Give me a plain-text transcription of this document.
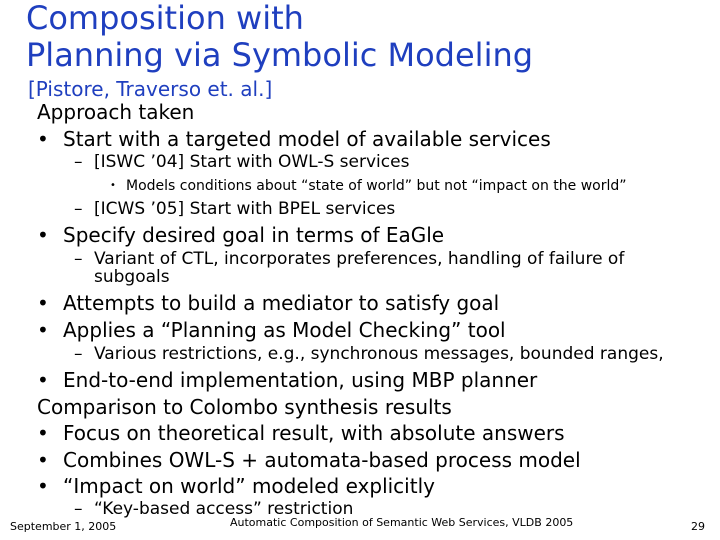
Composition with
Planning via Symbolic Modeling
[Pistore, Traverso et. al.]
Approach taken
• Start with a targeted model of available services
– [ISWC ’04] Start with OWL-S services
• Models conditions about “state of world” but not “impact on the world”
– [ICWS ’05] Start with BPEL services
• Specify desired goal in terms of EaGle
– Variant of CTL, incorporates preferences, handling of failure of
subgoals
• Attempts to build a mediator to satisfy goal
• Applies a “Planning as Model Checking” tool
– Various restrictions, e.g., synchronous messages, bounded ranges,
• End-to-end implementation, using MBP planner
Comparison to Colombo synthesis results
• Focus on theoretical result, with absolute answers
• Combines OWL-S + automata-based process model
• “Impact on world” modeled explicitly
– “Key-based access” restriction
September 1, 2005	Automatic Composition of Semantic Web Services, VLDB 2005	29
